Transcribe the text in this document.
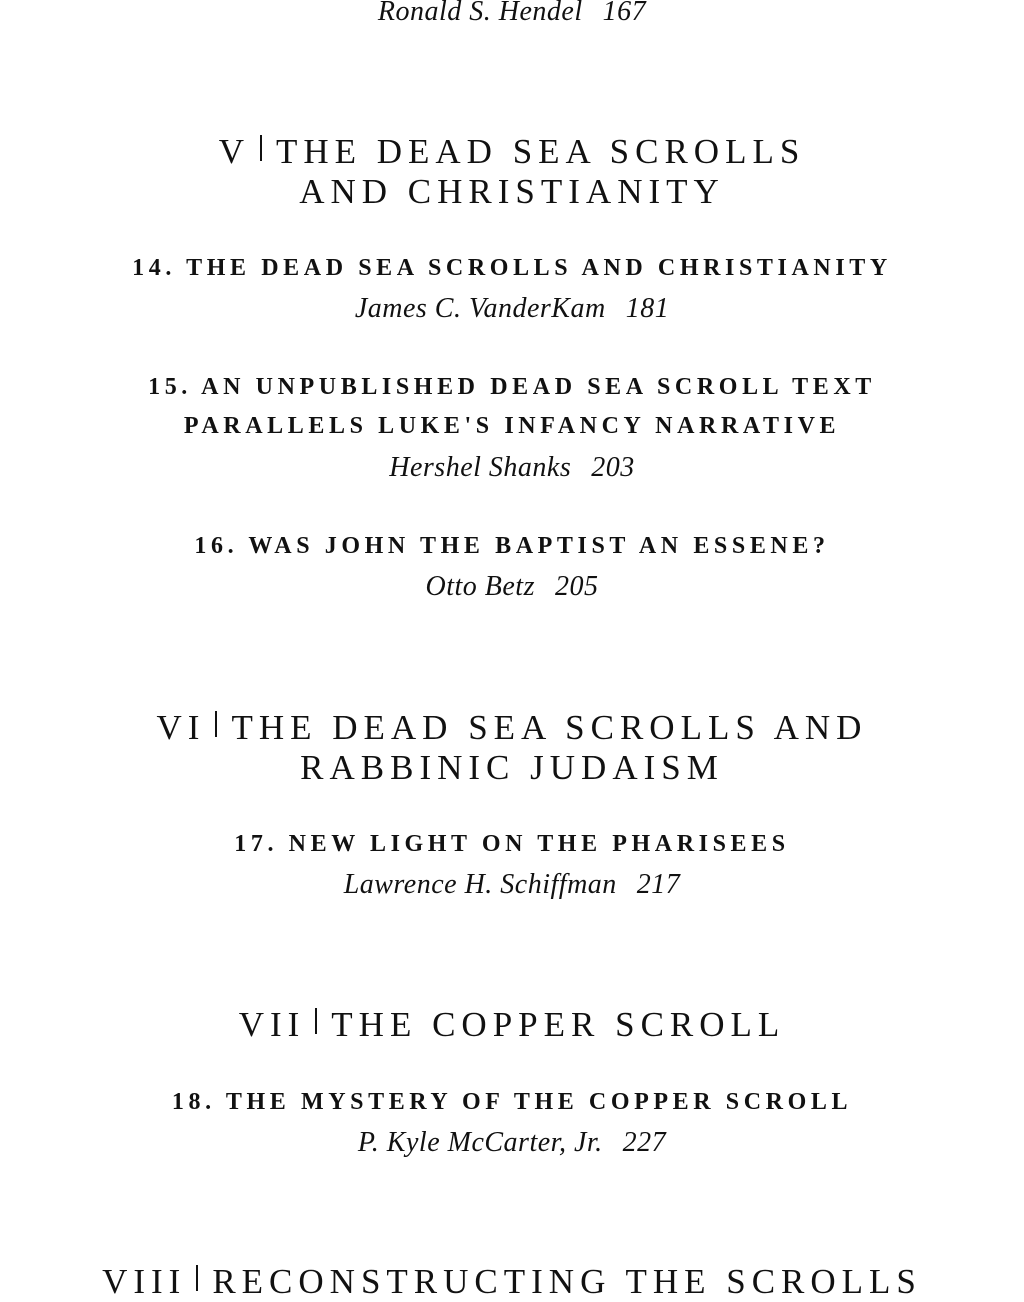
Ronald S. Hendel 167
V THE DEAD SEA SCROLLS
AND CHRISTIANITY
14. THE DEAD SEA SCROLLS AND CHRISTIANITY
James C. VanderKam 181
15. AN UNPUBLISHED DEAD SEA SCROLL TEXT
PARALLELS LUKE'S INFANCY NARRATIVE
Hershel Shanks 203
16. WAS JOHN THE BAPTIST AN ESSENE?
Otto Betz 205
VI THE DEAD SEA SCROLLS AND
RABBINIC JUDAISM
17. NEW LIGHT ON THE PHARISEES
Lawrence H. Schiffman 217
VII THE COPPER SCROLL
18. THE MYSTERY OF THE COPPER SCROLL
P. Kyle McCarter, Jr. 227
VIII RECONSTRUCTING THE SCROLLS
